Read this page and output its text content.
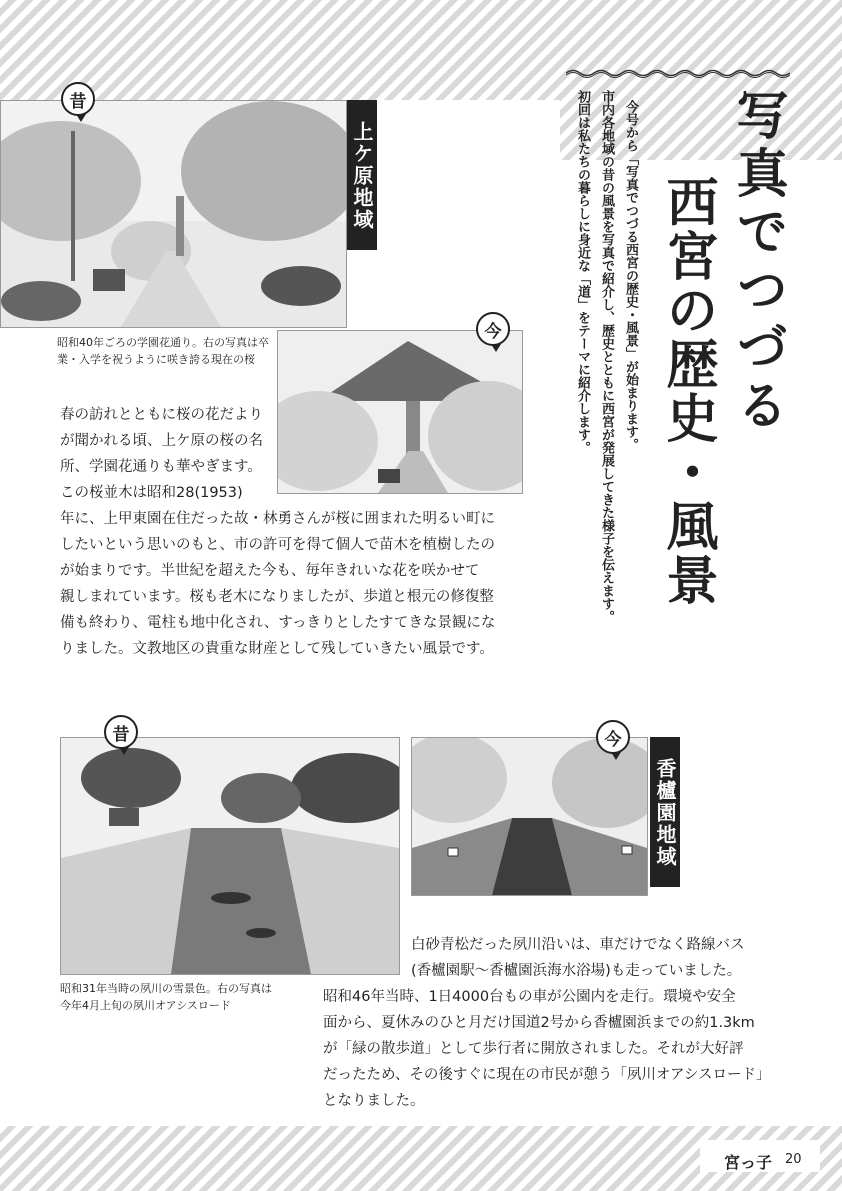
写真でつづる
西宮の歴史・風景
今号から「写真でつづる西宮の歴史・風景」が始まります。
市内各地域の昔の風景を写真で紹介し、歴史とともに西宮が発展してきた様子を伝えます。
初回は私たちの暮らしに身近な「道」をテーマに紹介します。
昔
上ケ原地域
昭和40年ごろの学園花通り。右の写真は卒業・入学を祝うように咲き誇る現在の桜
今

春の訪れとともに桜の花だより

が聞かれる頃、上ケ原の桜の名

所、学園花通りも華やぎます。

この桜並木は昭和28(1953)

年に、上甲東園在住だった故・林勇さんが桜に囲まれた明るい町に

したいという思いのもと、市の許可を得て個人で苗木を植樹したの

が始まりです。半世紀を超えた今も、毎年きれいな花を咲かせて

親しまれています。桜も老木になりましたが、歩道と根元の修復整

備も終わり、電柱も地中化され、すっきりとしたすてきな景観にな

りました。文教地区の貴重な財産として残していきたい風景です。

昔
昭和31年当時の夙川の雪景色。右の写真は今年4月上旬の夙川オアシスロード
今
香櫨園地域

白砂青松だった夙川沿いは、車だけでなく路線バス

(香櫨園駅〜香櫨園浜海水浴場)も走っていました。

昭和46年当時、1日4000台もの車が公園内を走行。環境や安全

面から、夏休みのひと月だけ国道2号から香櫨園浜までの約1.3km

が「緑の散歩道」として歩行者に開放されました。それが大好評

だったため、その後すぐに現在の市民が憩う「夙川オアシスロード」

となりました。

宮っ子 20
